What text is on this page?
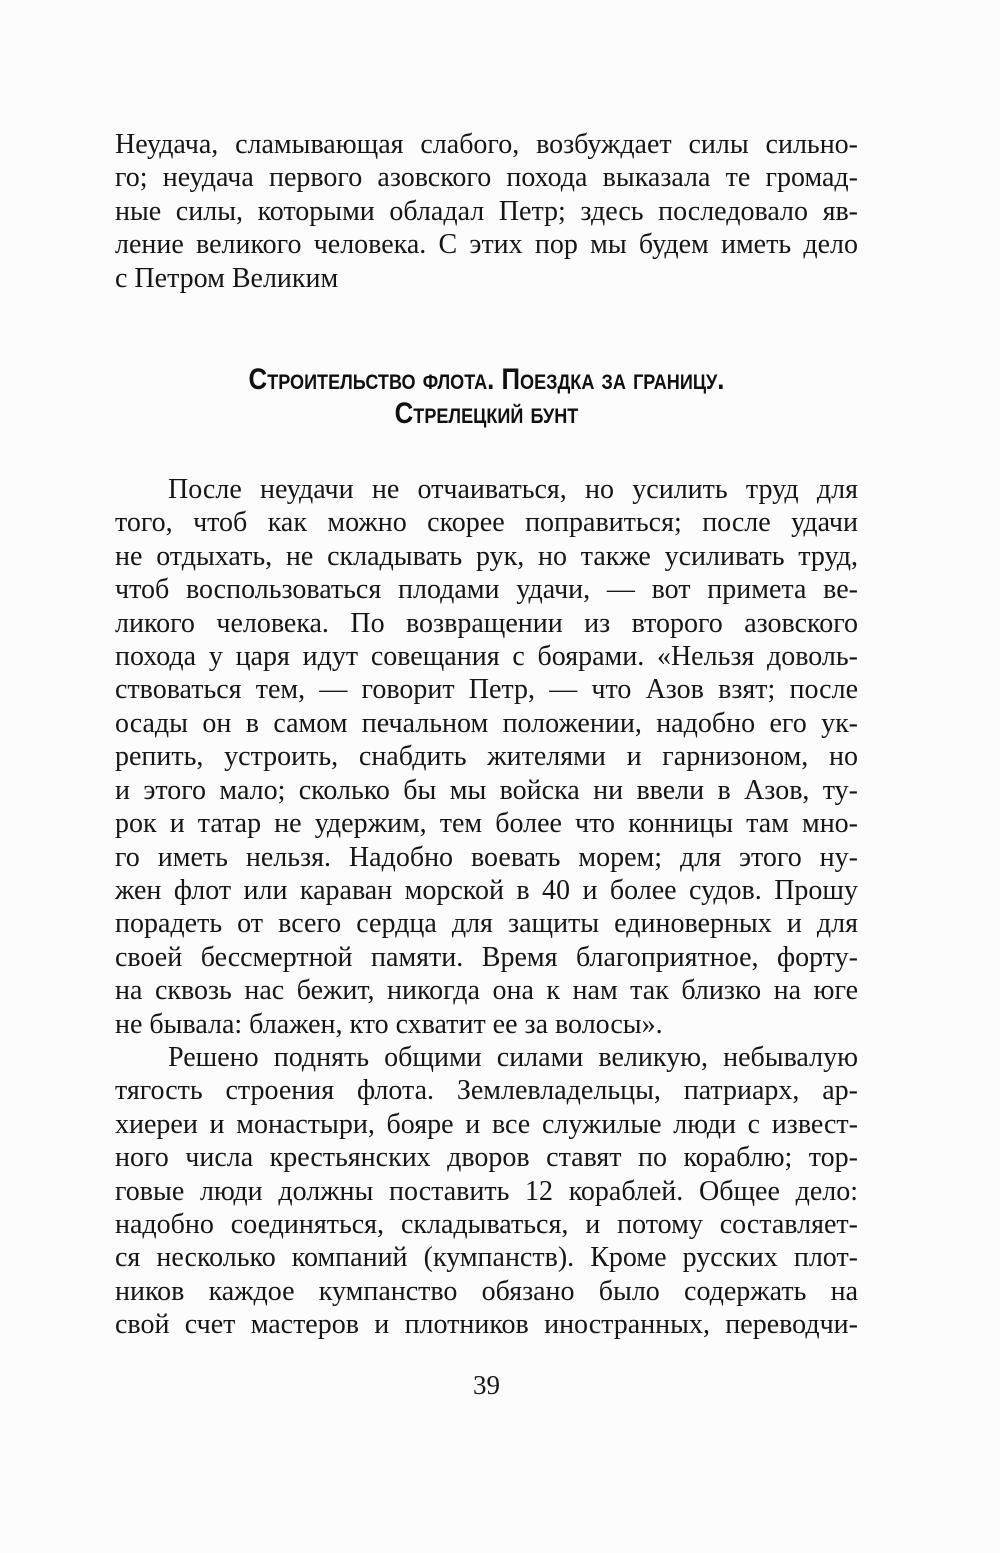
Неудача, сламывающая слабого, возбуждает силы сильно-
го; неудача первого азовского похода выказала те громад-
ные силы, которыми обладал Петр; здесь последовало яв-
ление великого человека. С этих пор мы будем иметь дело
с Петром Великим
Строительство флота. Поездка за границу.
Стрелецкий бунт
После неудачи не отчаиваться, но усилить труд для
того, чтоб как можно скорее поправиться; после удачи
не отдыхать, не складывать рук, но также усиливать труд,
чтоб воспользоваться плодами удачи, — вот примета ве-
ликого человека. По возвращении из второго азовского
похода у царя идут совещания с боярами. «Нельзя доволь-
ствоваться тем, — говорит Петр, — что Азов взят; после
осады он в самом печальном положении, надобно его ук-
репить, устроить, снабдить жителями и гарнизоном, но
и этого мало; сколько бы мы войска ни ввели в Азов, ту-
рок и татар не удержим, тем более что конницы там мно-
го иметь нельзя. Надобно воевать морем; для этого ну-
жен флот или караван морской в 40 и более судов. Прошу
порадеть от всего сердца для защиты единоверных и для
своей бессмертной памяти. Время благоприятное, форту-
на сквозь нас бежит, никогда она к нам так близко на юге
не бывала: блажен, кто схватит ее за волосы».
Решено поднять общими силами великую, небывалую
тягость строения флота. Землевладельцы, патриарх, ар-
хиереи и монастыри, бояре и все служилые люди с извест-
ного числа крестьянских дворов ставят по кораблю; тор-
говые люди должны поставить 12 кораблей. Общее дело:
надобно соединяться, складываться, и потому составляет-
ся несколько компаний (кумпанств). Кроме русских плот-
ников каждое кумпанство обязано было содержать на
свой счет мастеров и плотников иностранных, переводчи-
39
